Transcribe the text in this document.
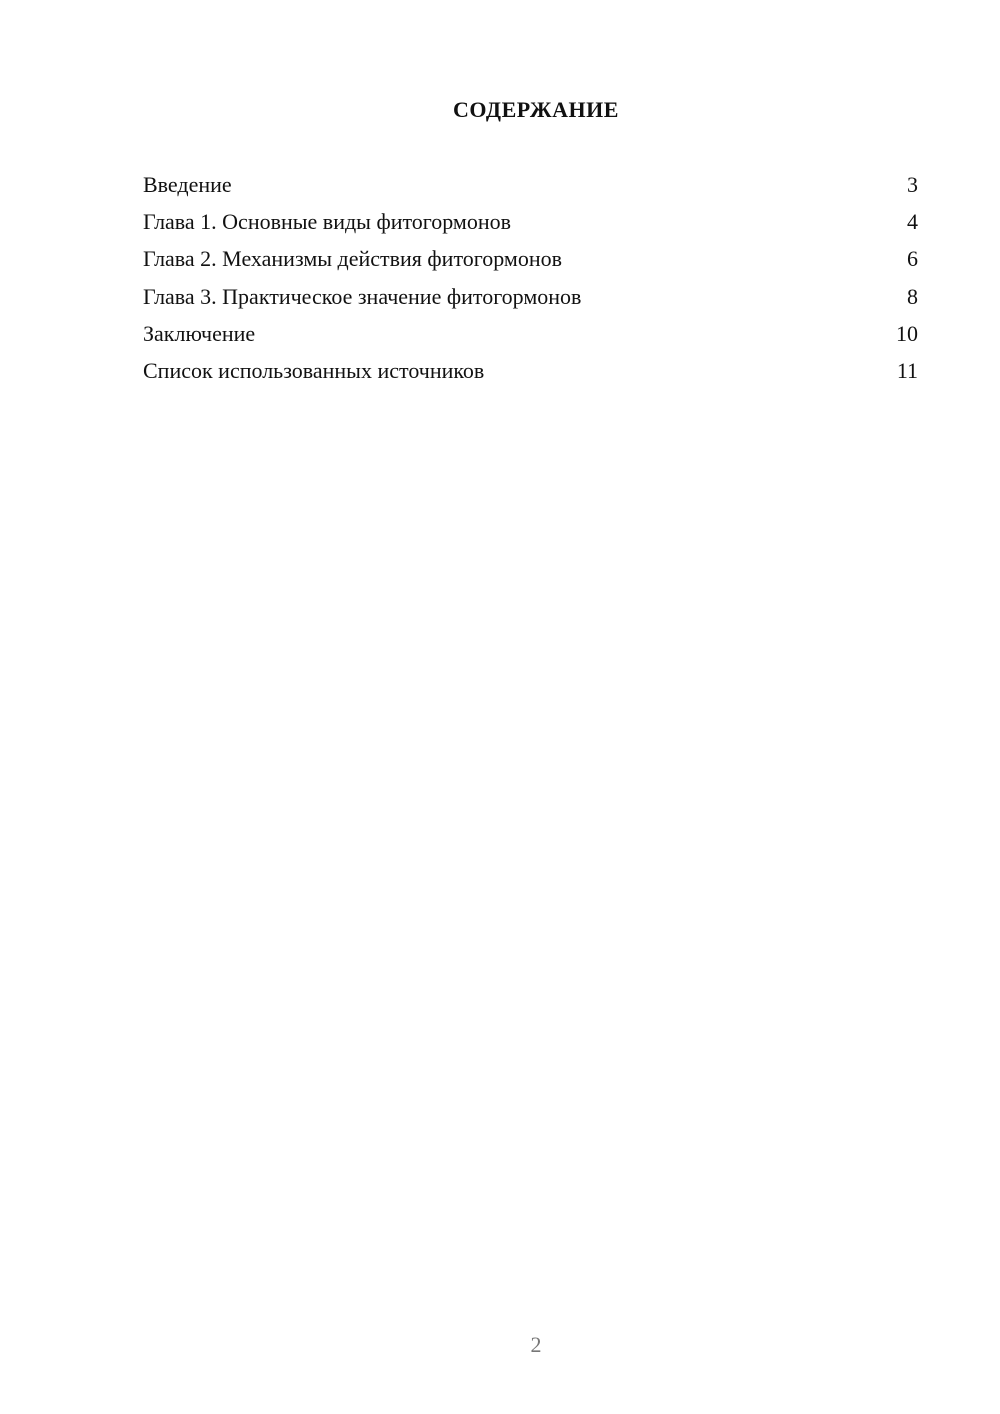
СОДЕРЖАНИЕ
Введение	3
Глава 1. Основные виды фитогормонов	4
Глава 2. Механизмы действия фитогормонов	6
Глава 3. Практическое значение фитогормонов	8
Заключение	10
Список использованных источников	11
2
